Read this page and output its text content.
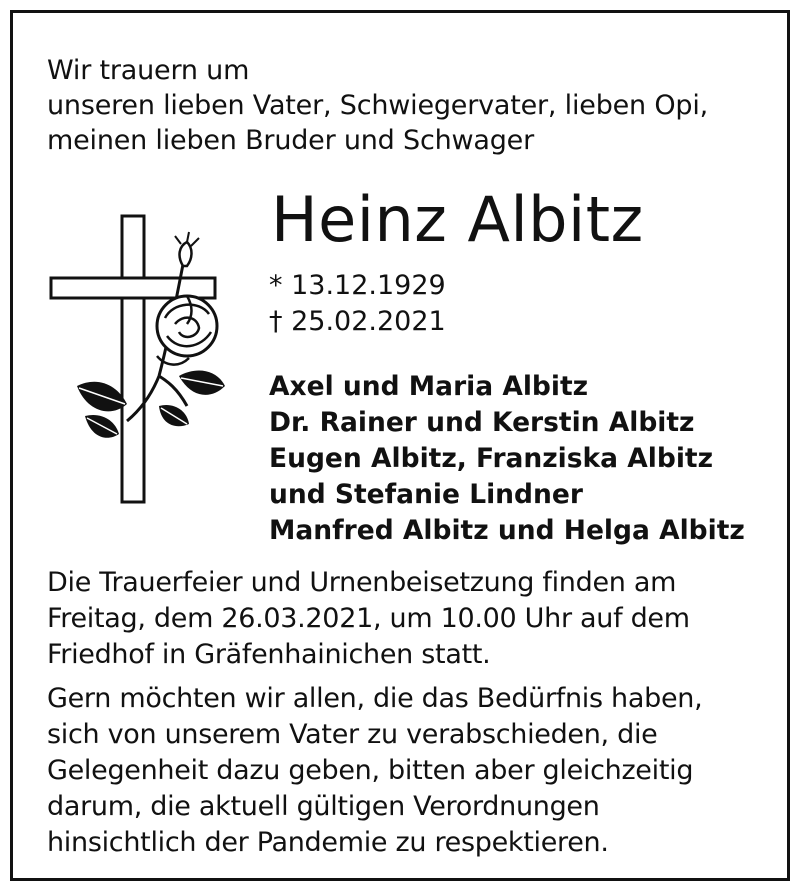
Wir trauern um
unseren lieben Vater, Schwiegervater, lieben Opi,
meinen lieben Bruder und Schwager

Heinz Albitz
* 13.12.1929
† 25.02.2021
Axel und Maria Albitz
Dr. Rainer und Kerstin Albitz
Eugen Albitz, Franziska Albitz
und Stefanie Lindner
Manfred Albitz und Helga Albitz

Die Trauerfeier und Urnenbeisetzung finden am
Freitag, dem 26.03.2021, um 10.00 Uhr auf dem
Friedhof in Gräfenhainichen statt.

Gern möchten wir allen, die das Bedürfnis haben,
sich von unserem Vater zu verabschieden, die
Gelegenheit dazu geben, bitten aber gleichzeitig
darum, die aktuell gültigen Verordnungen
hinsichtlich der Pandemie zu respektieren.
